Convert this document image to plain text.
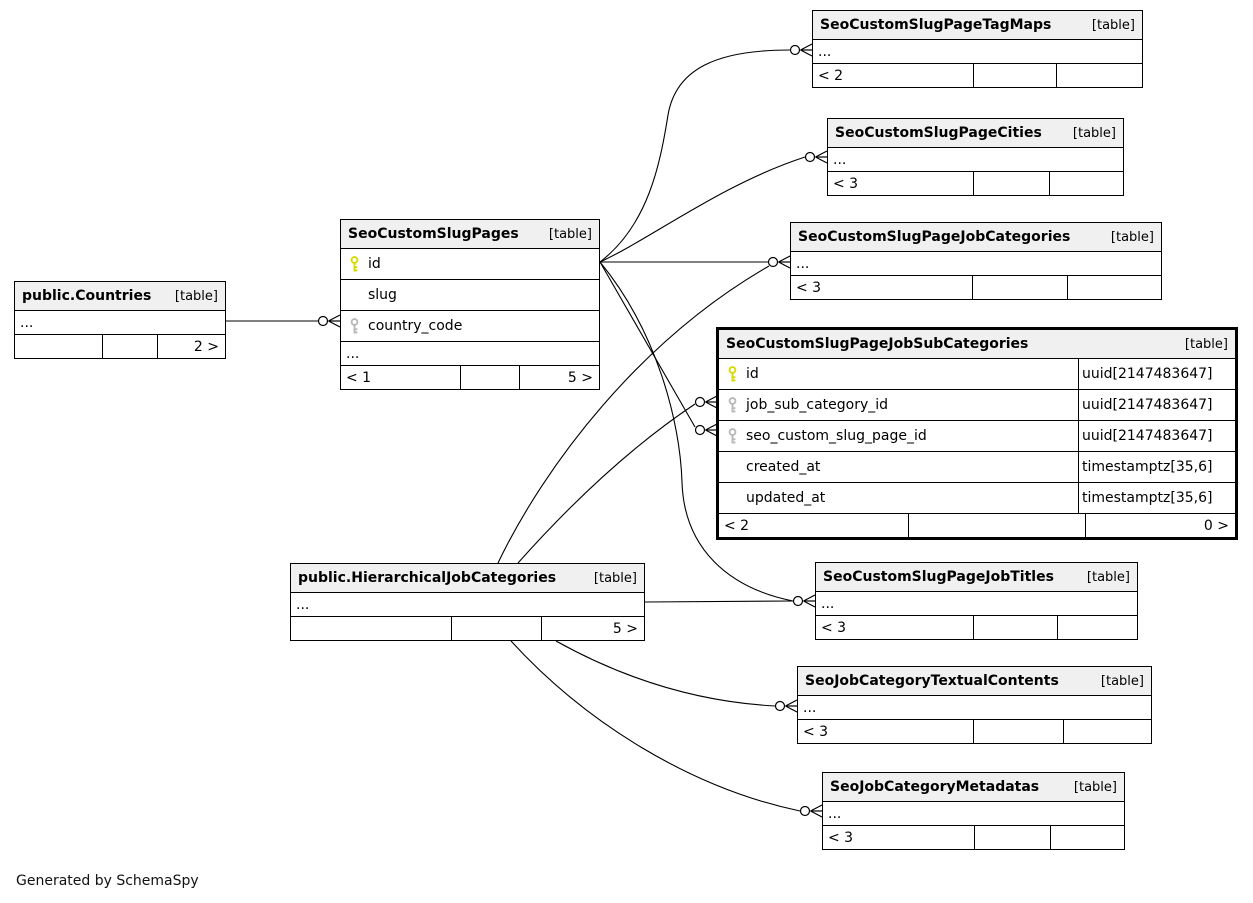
Generated by SchemaSpy
public.Countries [table]
...
2 >
SeoCustomSlugPages [table]
id
slug
country_code
...
< 1	5 >
SeoCustomSlugPageTagMaps	[table]
...
< 2
SeoCustomSlugPageCities [table]
...
< 3
SeoCustomSlugPageJobCategories	[table]
...
< 3
SeoCustomSlugPageJobSubCategories	[table]
id	uuid[2147483647]
job_sub_category_id	uuid[2147483647]
seo_custom_slug_page_id	uuid[2147483647]
created_at	timestamptz[35,6]
updated_at	timestamptz[35,6]
< 2	0 >
public.HierarchicalJobCategories	[table]
...
5 >
SeoCustomSlugPageJobTitles	[table]
...
< 3
SeoJobCategoryTextualContents	[table]
...
< 3
SeoJobCategoryMetadatas	[table]
...
< 3
